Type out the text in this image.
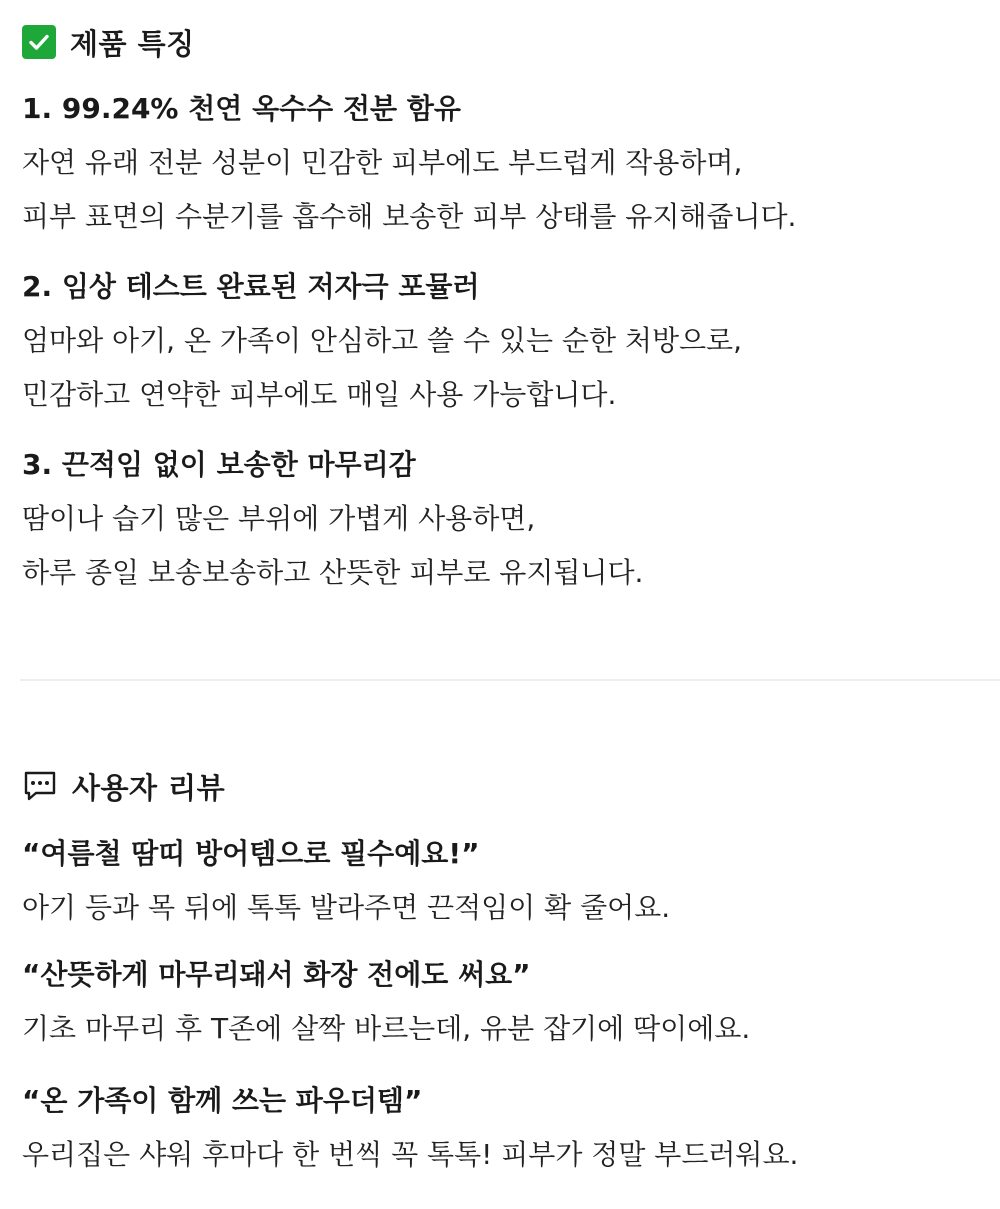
제품 특징

1. 99.24% 천연 옥수수 전분 함유

자연 유래 전분 성분이 민감한 피부에도 부드럽게 작용하며,

피부 표면의 수분기를 흡수해 보송한 피부 상태를 유지해줍니다.

2. 임상 테스트 완료된 저자극 포뮬러

엄마와 아기, 온 가족이 안심하고 쓸 수 있는 순한 처방으로,

민감하고 연약한 피부에도 매일 사용 가능합니다.

3. 끈적임 없이 보송한 마무리감

땀이나 습기 많은 부위에 가볍게 사용하면,

하루 종일 보송보송하고 산뜻한 피부로 유지됩니다.

사용자 리뷰

“여름철 땀띠 방어템으로 필수예요!”

아기 등과 목 뒤에 톡톡 발라주면 끈적임이 확 줄어요.

“산뜻하게 마무리돼서 화장 전에도 써요”

기초 마무리 후 T존에 살짝 바르는데, 유분 잡기에 딱이에요.

“온 가족이 함께 쓰는 파우더템”

우리집은 샤워 후마다 한 번씩 꼭 톡톡! 피부가 정말 부드러워요.
